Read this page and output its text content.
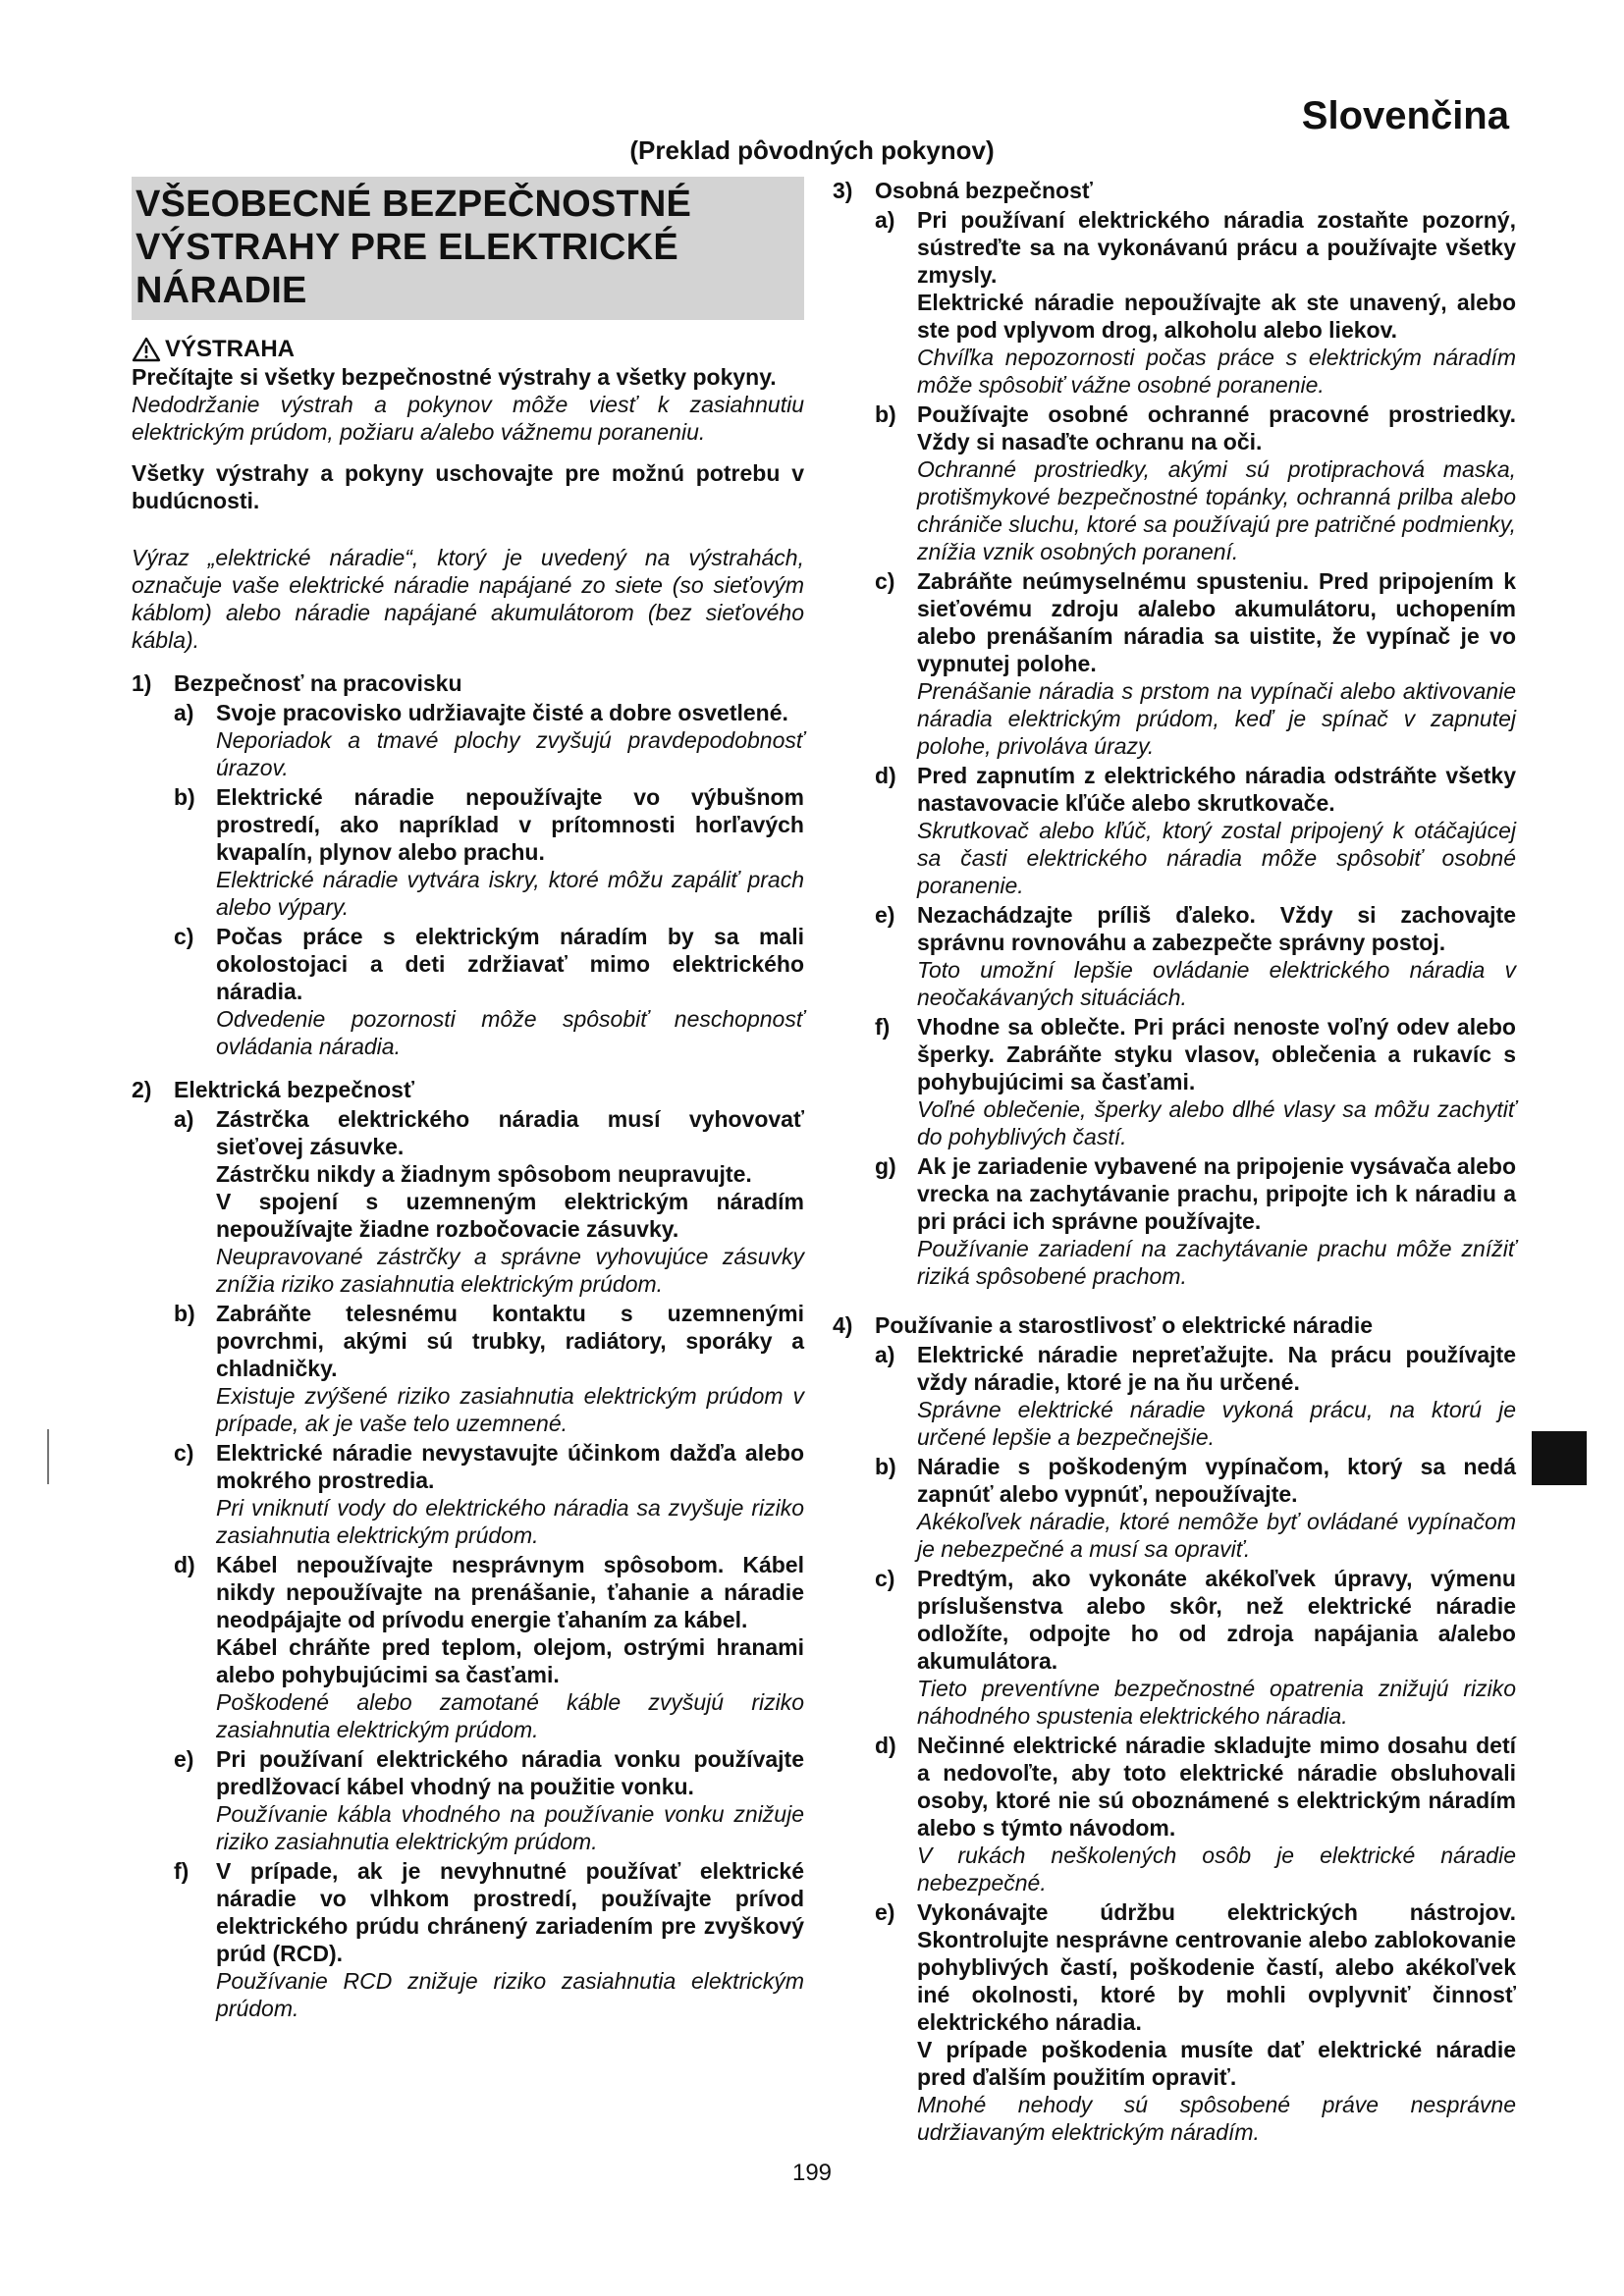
Slovenčina
(Preklad pôvodných pokynov)
VŠEOBECNÉ BEZPEČNOSTNÉ
VÝSTRAHY PRE ELEKTRICKÉ
NÁRADIE
VÝSTRAHA

Prečítajte si všetky bezpečnostné výstrahy a všetky pokyny.

Nedodržanie výstrah a pokynov môže viesť k zasiahnutiu elektrickým prúdom, požiaru a/alebo vážnemu poraneniu.

Všetky výstrahy a pokyny uschovajte pre možnú potrebu v budúcnosti.

Výraz „elektrické náradie“, ktorý je uvedený na výstrahách, označuje vaše elektrické náradie napájané zo siete (so sieťovým káblom) alebo náradie napájané akumulátorom (bez sieťového kábla).

1) Bezpečnosť na pracovisku
a) Svoje pracovisko udržiavajte čisté a dobre osvetlené.

Neporiadok a tmavé plochy zvyšujú pravdepodobnosť úrazov.

b) Elektrické náradie nepoužívajte vo výbušnom prostredí, ako napríklad v prítomnosti horľavých kvapalín, plynov alebo prachu.

Elektrické náradie vytvára iskry, ktoré môžu zapáliť prach alebo výpary.

c) Počas práce s elektrickým náradím by sa mali okolostojaci a deti zdržiavať mimo elektrického náradia.

Odvedenie pozornosti môže spôsobiť neschopnosť ovládania náradia.

2) Elektrická bezpečnosť
a) Zástrčka elektrického náradia musí vyhovovať sieťovej zásuvke.

Zástrčku nikdy a žiadnym spôsobom neupravujte.

V spojení s uzemneným elektrickým náradím nepoužívajte žiadne rozbočovacie zásuvky.

Neupravované zástrčky a správne vyhovujúce zásuvky znížia riziko zasiahnutia elektrickým prúdom.

b) Zabráňte telesnému kontaktu s uzemnenými povrchmi, akými sú trubky, radiátory, sporáky a chladničky.

Existuje zvýšené riziko zasiahnutia elektrickým prúdom v prípade, ak je vaše telo uzemnené.

c) Elektrické náradie nevystavujte účinkom dažďa alebo mokrého prostredia.

Pri vniknutí vody do elektrického náradia sa zvyšuje riziko zasiahnutia elektrickým prúdom.

d) Kábel nepoužívajte nesprávnym spôsobom. Kábel nikdy nepoužívajte na prenášanie, ťahanie a náradie neodpájajte od prívodu energie ťahaním za kábel.

Kábel chráňte pred teplom, olejom, ostrými hranami alebo pohybujúcimi sa časťami.

Poškodené alebo zamotané káble zvyšujú riziko zasiahnutia elektrickým prúdom.

e) Pri používaní elektrického náradia vonku používajte predlžovací kábel vhodný na použitie vonku.

Používanie kábla vhodného na používanie vonku znižuje riziko zasiahnutia elektrickým prúdom.

f)	V prípade, ak je nevyhnutné používať elektrické náradie vo vlhkom prostredí, používajte prívod elektrického prúdu chránený zariadením pre zvyškový prúd (RCD).

Používanie RCD znižuje riziko zasiahnutia elektrickým prúdom.

3) Osobná bezpečnosť
a) Pri používaní elektrického náradia zostaňte pozorný, sústreďte sa na vykonávanú prácu a používajte všetky zmysly.

Elektrické náradie nepoužívajte ak ste unavený, alebo ste pod vplyvom drog, alkoholu alebo liekov.

Chvíľka nepozornosti počas práce s elektrickým náradím môže spôsobiť vážne osobné poranenie.

b) Používajte osobné ochranné pracovné prostriedky. Vždy si nasaďte ochranu na oči.

Ochranné prostriedky, akými sú protiprachová maska, protišmykové bezpečnostné topánky, ochranná prilba alebo chrániče sluchu, ktoré sa používajú pre patričné podmienky, znížia vznik osobných poranení.

c) Zabráňte neúmyselnému spusteniu. Pred pripojením k sieťovému zdroju a/alebo akumulátoru, uchopením alebo prenášaním náradia sa uistite, že vypínač je vo vypnutej polohe.

Prenášanie náradia s prstom na vypínači alebo aktivovanie náradia elektrickým prúdom, keď je spínač v zapnutej polohe, privoláva úrazy.

d) Pred zapnutím z elektrického náradia odstráňte všetky nastavovacie kľúče alebo skrutkovače.

Skrutkovač alebo kľúč, ktorý zostal pripojený k otáčajúcej sa časti elektrického náradia môže spôsobiť osobné poranenie.

e) Nezachádzajte príliš ďaleko. Vždy si zachovajte správnu rovnováhu a zabezpečte správny postoj.

Toto umožní lepšie ovládanie elektrického náradia v neočakávaných situáciách.

f)	Vhodne sa oblečte. Pri práci nenoste voľný odev alebo šperky. Zabráňte styku vlasov, oblečenia a rukavíc s pohybujúcimi sa časťami.

Voľné oblečenie, šperky alebo dlhé vlasy sa môžu zachytiť do pohyblivých častí.

g) Ak je zariadenie vybavené na pripojenie vysávača alebo vrecka na zachytávanie prachu, pripojte ich k náradiu a pri práci ich správne používajte.

Používanie zariadení na zachytávanie prachu môže znížiť riziká spôsobené prachom.

4) Používanie a starostlivosť o elektrické náradie
a) Elektrické náradie nepreťažujte. Na prácu používajte vždy náradie, ktoré je na ňu určené.

Správne elektrické náradie vykoná prácu, na ktorú je určené lepšie a bezpečnejšie.

b) Náradie s poškodeným vypínačom, ktorý sa nedá zapnúť alebo vypnúť, nepoužívajte.

Akékoľvek náradie, ktoré nemôže byť ovládané vypínačom je nebezpečné a musí sa opraviť.

c) Predtým, ako vykonáte akékoľvek úpravy, výmenu príslušenstva alebo skôr, než elektrické náradie odložíte, odpojte ho od zdroja napájania a/alebo akumulátora.

Tieto preventívne bezpečnostné opatrenia znižujú riziko náhodného spustenia elektrického náradia.

d) Nečinné elektrické náradie skladujte mimo dosahu detí a nedovoľte, aby toto elektrické náradie obsluhovali osoby, ktoré nie sú oboznámené s elektrickým náradím alebo s týmto návodom.

V rukách neškolených osôb je elektrické náradie nebezpečné.

e) Vykonávajte údržbu elektrických nástrojov. Skontrolujte nesprávne centrovanie alebo zablokovanie pohyblivých častí, poškodenie častí, alebo akékoľvek iné okolnosti, ktoré by mohli ovplyvniť činnosť elektrického náradia.

V prípade poškodenia musíte dať elektrické náradie pred ďalším použitím opraviť.

Mnohé nehody sú spôsobené práve nesprávne udržiavaným elektrickým náradím.

199
